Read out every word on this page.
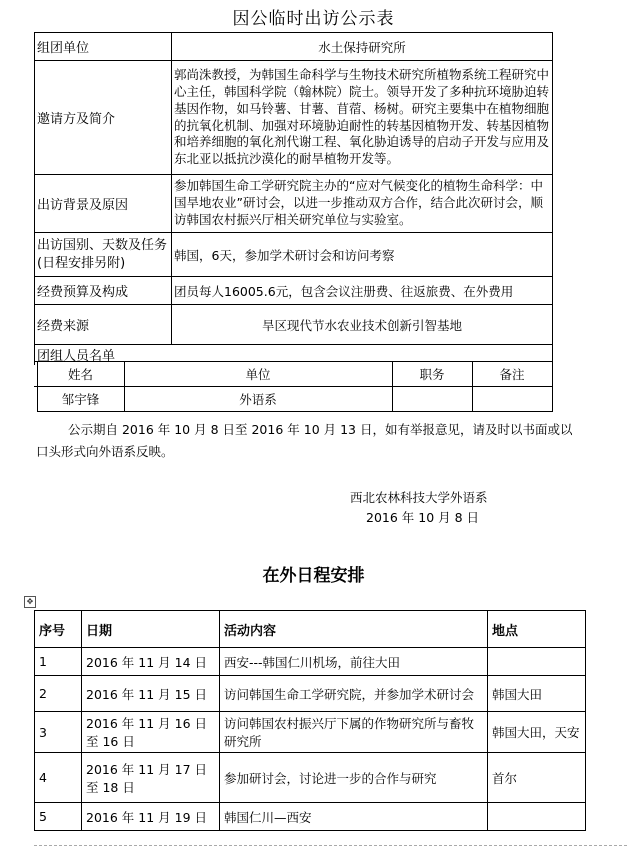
因公临时出访公示表
组团单位	水土保持研究所
邀请方及简介	郭尚洙教授，为韩国生命科学与生物技术研究所植物系统工程研究中心主任，韩国科学院（翰林院）院士。领导开发了多种抗环境胁迫转基因作物，如马铃薯、甘薯、苜蓿、杨树。研究主要集中在植物细胞的抗氧化机制、加强对环境胁迫耐性的转基因植物开发、转基因植物和培养细胞的氧化剂代谢工程、氧化胁迫诱导的启动子开发与应用及东北亚以抵抗沙漠化的耐旱植物开发等。
出访背景及原因	参加韩国生命工学研究院主办的“应对气候变化的植物生命科学：中国旱地农业”研讨会，以进一步推动双方合作，结合此次研讨会，顺访韩国农村振兴厅相关研究单位与实验室。
出访国别、天数及任务(日程安排另附)	韩国，6天，参加学术研讨会和访问考察
经费预算及构成	团员每人16005.6元，包含会议注册费、往返旅费、在外费用
经费来源	旱区现代节水农业技术创新引智基地
团组人员名单	
	姓名	单位	职务	备注
	邹宇锋	外语系		
公示期自 2016 年 10 月 8 日至 2016 年 10 月 13 日，如有举报意见，请及时以书面或以口头形式向外语系反映。
西北农林科技大学外语系
2016 年 10 月 8 日
在外日程安排
✥
序号	日期	活动内容	地点
1	2016 年 11 月 14 日	西安---韩国仁川机场，前往大田	
2	2016 年 11 月 15 日	访问韩国生命工学研究院，并参加学术研讨会	韩国大田
3	2016 年 11 月 16 日至 16 日	访问韩国农村振兴厅下属的作物研究所与畜牧研究所	韩国大田，天安
4	2016 年 11 月 17 日至 18 日	参加研讨会，讨论进一步的合作与研究	首尔
5	2016 年 11 月 19 日	韩国仁川—西安	
